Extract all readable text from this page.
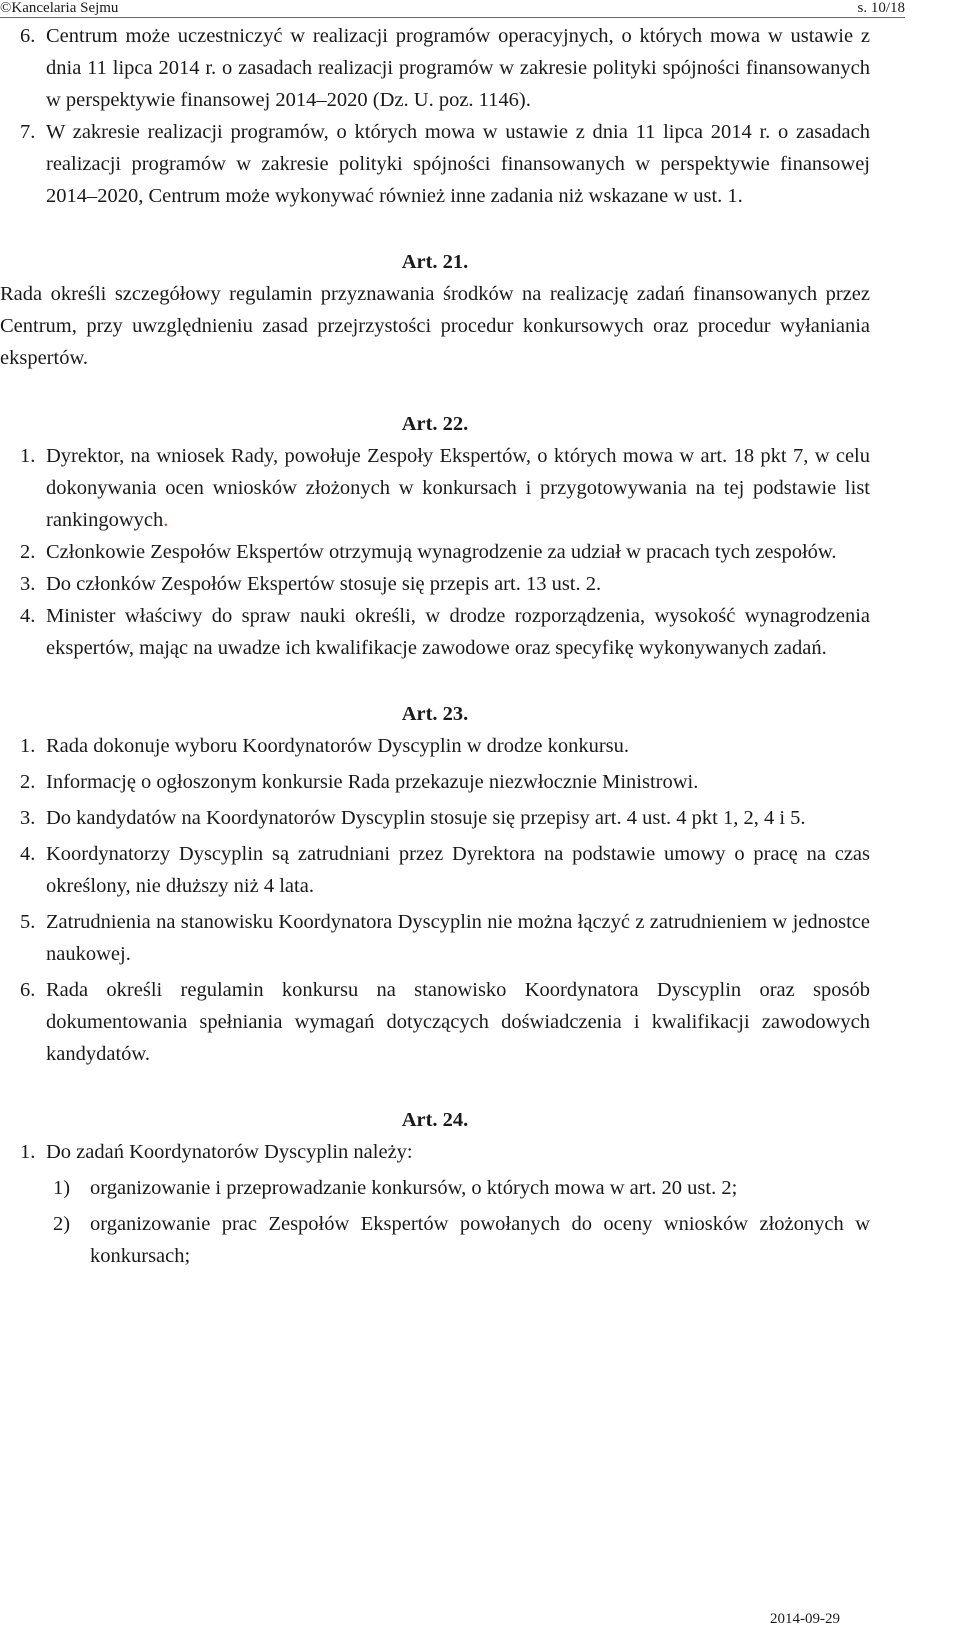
©Kancelaria Sejmu	s. 10/18

6. Centrum może uczestniczyć w realizacji programów operacyjnych, o których mowa w ustawie z dnia 11 lipca 2014 r. o zasadach realizacji programów w zakresie polityki spójności finansowanych w perspektywie finansowej 2014–2020 (Dz. U. poz. 1146).

7. W zakresie realizacji programów, o których mowa w ustawie z dnia 11 lipca 2014 r. o zasadach realizacji programów w zakresie polityki spójności finansowanych w perspektywie finansowej 2014–2020, Centrum może wykonywać również inne zadania niż wskazane w ust. 1.

Art. 21.

Rada określi szczegółowy regulamin przyznawania środków na realizację zadań finansowanych przez Centrum, przy uwzględnieniu zasad przejrzystości procedur konkursowych oraz procedur wyłaniania ekspertów.

Art. 22.

1. Dyrektor, na wniosek Rady, powołuje Zespoły Ekspertów, o których mowa w art. 18 pkt 7, w celu dokonywania ocen wniosków złożonych w konkursach i przygotowywania na tej podstawie list rankingowych.

2. Członkowie Zespołów Ekspertów otrzymują wynagrodzenie za udział w pracach tych zespołów.

3. Do członków Zespołów Ekspertów stosuje się przepis art. 13 ust. 2.

4. Minister właściwy do spraw nauki określi, w drodze rozporządzenia, wysokość wynagrodzenia ekspertów, mając na uwadze ich kwalifikacje zawodowe oraz specyfikę wykonywanych zadań.

Art. 23.

1. Rada dokonuje wyboru Koordynatorów Dyscyplin w drodze konkursu.

2. Informację o ogłoszonym konkursie Rada przekazuje niezwłocznie Ministrowi.

3. Do kandydatów na Koordynatorów Dyscyplin stosuje się przepisy art. 4 ust. 4 pkt 1, 2, 4 i 5.

4. Koordynatorzy Dyscyplin są zatrudniani przez Dyrektora na podstawie umowy o pracę na czas określony, nie dłuższy niż 4 lata.

5. Zatrudnienia na stanowisku Koordynatora Dyscyplin nie można łączyć z zatrudnieniem w jednostce naukowej.

6. Rada określi regulamin konkursu na stanowisko Koordynatora Dyscyplin oraz sposób dokumentowania spełniania wymagań dotyczących doświadczenia i kwalifikacji zawodowych kandydatów.

Art. 24.

1. Do zadań Koordynatorów Dyscyplin należy:

1) organizowanie i przeprowadzanie konkursów, o których mowa w art. 20 ust. 2;

2) organizowanie prac Zespołów Ekspertów powołanych do oceny wniosków złożonych w konkursach;

2014-09-29
